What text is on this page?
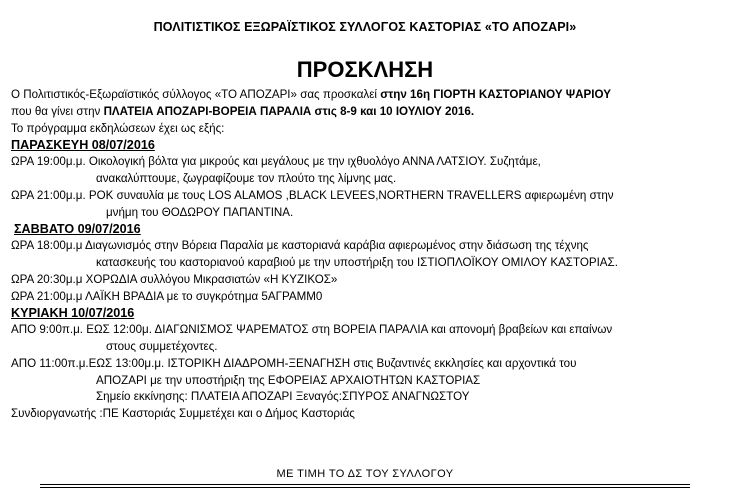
ΠΟΛΙΤΙΣΤΙΚΟΣ ΕΞΩΡΑΪΣΤΙΚΟΣ ΣΥΛΛΟΓΟΣ ΚΑΣΤΟΡΙΑΣ «ΤΟ ΑΠΟΖΑΡΙ»
ΠΡΟΣΚΛΗΣΗ
Ο Πολιτιστικός-Εξωραϊστικός σύλλογος «ΤΟ ΑΠΟΖΑΡΙ» σας προσκαλεί στην 16η ΓΙΟΡΤΗ ΚΑΣΤΟΡΙΑΝΟΥ ΨΑΡΙΟΥ
που θα γίνει στην ΠΛΑΤΕΙΑ ΑΠΟΖΑΡΙ-ΒΟΡΕΙΑ ΠΑΡΑΛΙΑ στις 8-9 και 10 ΙΟΥΛΙΟΥ 2016.
Το πρόγραμμα εκδηλώσεων έχει ως εξής:
ΠΑΡΑΣΚΕΥΗ 08/07/2016
ΩΡΑ 19:00μ.μ. Οικολογική βόλτα για μικρούς και μεγάλους με την ιχθυολόγο ΑΝΝΑ ΛΑΤΣΙΟΥ. Συζητάμε,
ανακαλύπτουμε, ζωγραφίζουμε τον πλούτο της λίμνης μας.
ΩΡΑ 21:00μ.μ. ΡΟΚ συναυλία με τους LOS ALAMOS ,BLACK LEVEES,NORTHERN TRAVELLERS αφιερωμένη στην
μνήμη του ΘΟΔΩΡΟΥ ΠΑΠΑΝΤΙΝΑ.
ΣΑΒΒΑΤΟ 09/07/2016
ΩΡΑ 18:00μ.μ Διαγωνισμός στην Βόρεια Παραλία με καστοριανά καράβια αφιερωμένος στην διάσωση της τέχνης
κατασκευής του καστοριανού καραβιού με την υποστήριξη του ΙΣΤΙΟΠΛΟΪΚΟΥ ΟΜΙΛΟΥ ΚΑΣΤΟΡΙΑΣ.
ΩΡΑ 20:30μ.μ ΧΟΡΩΔΙΑ συλλόγου Μικρασιατών «Η ΚΥΖΙΚΟΣ»
ΩΡΑ 21:00μ.μ ΛΑΪΚΗ ΒΡΑΔΙΑ με το συγκρότημα 5ΑΓΡΑΜΜ0
ΚΥΡΙΑΚΗ 10/07/2016
ΑΠΟ 9:00π.μ. ΕΩΣ 12:00μ. ΔΙΑΓΩΝΙΣΜΟΣ ΨΑΡΕΜΑΤΟΣ στη ΒΟΡΕΙΑ ΠΑΡΑΛΙΑ και απονομή βραβείων και επαίνων
στους συμμετέχοντες.
ΑΠΟ 11:00π.μ.ΕΩΣ 13:00μ.μ. ΙΣΤΟΡΙΚΗ ΔΙΑΔΡΟΜΗ-ΞΕΝΑΓΗΣΗ στις Βυζαντινές εκκλησίες και αρχοντικά του
ΑΠΟΖΑΡΙ με την υποστήριξη της ΕΦΟΡΕΙΑΣ ΑΡΧΑΙΟΤΗΤΩΝ ΚΑΣΤΟΡΙΑΣ
Σημείο εκκίνησης: ΠΛΑΤΕΙΑ ΑΠΟΖΑΡΙ Ξεναγός:ΣΠΥΡΟΣ ΑΝΑΓΝΩΣΤΟΥ
Συνδιοργανωτής :ΠΕ Καστοριάς Συμμετέχει και ο Δήμος Καστοριάς
ΜΕ ΤΙΜΗ ΤΟ ΔΣ ΤΟΥ ΣΥΛΛΟΓΟΥ
